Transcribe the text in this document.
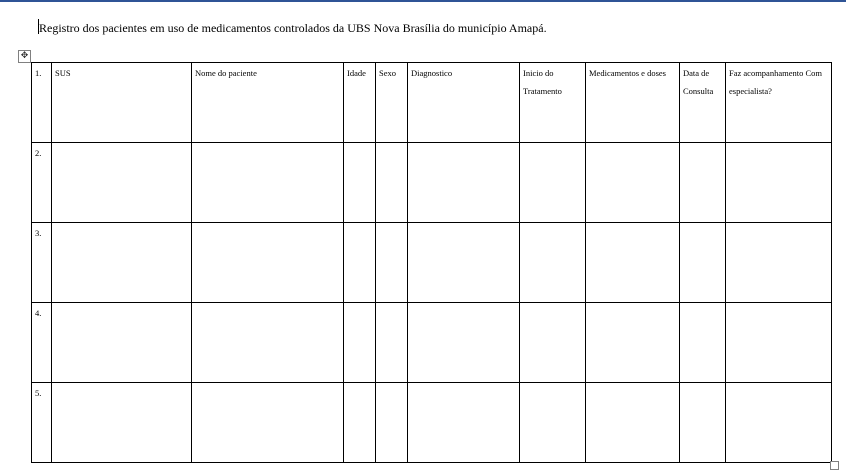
Registro dos pacientes em uso de medicamentos controlados da UBS Nova Brasília do município Amapá.
✥
1.	SUS	Nome do paciente	Idade	Sexo	Diagnostico	Inicio do Tratamento	Medicamentos e doses	Data de Consulta	Faz acompanhamento Com especialista?
2.									
3.									
4.									
5.									
